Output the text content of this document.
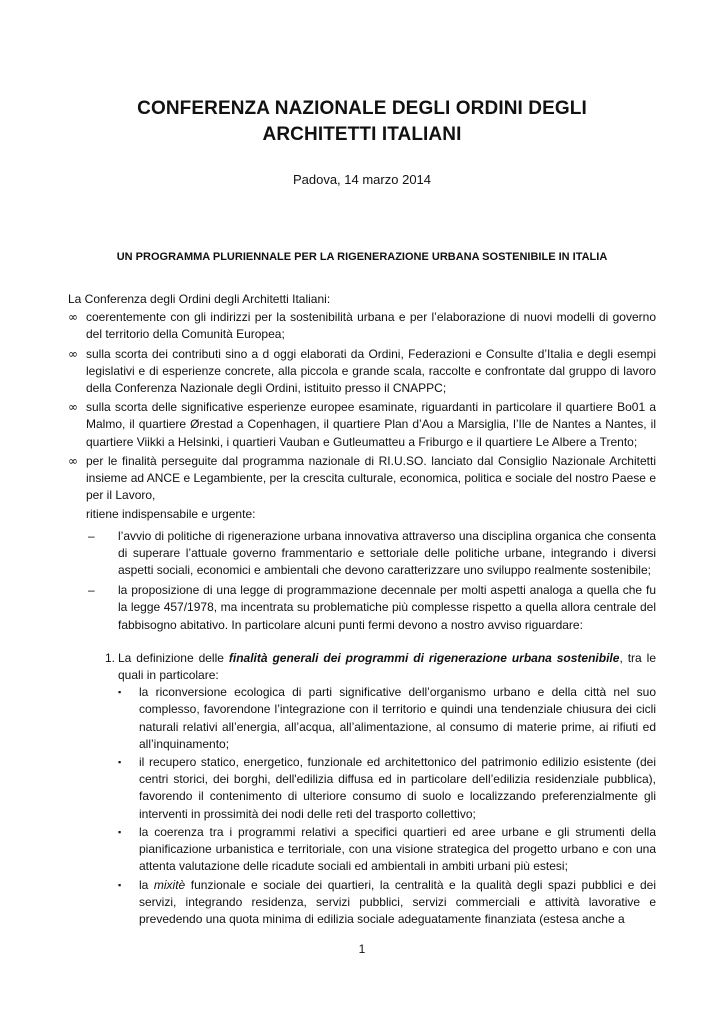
CONFERENZA NAZIONALE DEGLI ORDINI DEGLI ARCHITETTI ITALIANI
Padova, 14 marzo 2014
UN PROGRAMMA PLURIENNALE PER LA RIGENERAZIONE URBANA SOSTENIBILE IN ITALIA
La Conferenza degli Ordini degli Architetti Italiani:
∞ coerentemente con gli indirizzi per la sostenibilità urbana e per l’elaborazione di nuovi modelli di governo del territorio della Comunità Europea;
∞ sulla scorta dei contributi sino a d oggi elaborati da Ordini, Federazioni e Consulte d’Italia e degli esempi legislativi e di esperienze concrete, alla piccola e grande scala, raccolte e confrontate dal gruppo di lavoro della Conferenza Nazionale degli Ordini, istituito presso il CNAPPC;
∞ sulla scorta delle significative esperienze europee esaminate, riguardanti in particolare il quartiere Bo01 a Malmo, il quartiere Ørestad a Copenhagen, il quartiere Plan d’Aou a Marsiglia, l’Ile de Nantes a Nantes, il quartiere Viikki a Helsinki, i quartieri Vauban e Gutleumatteu a Friburgo e il quartiere Le Albere a Trento;
∞ per le finalità perseguite dal programma nazionale di RI.U.SO. lanciato dal Consiglio Nazionale Architetti insieme ad ANCE e Legambiente, per la crescita culturale, economica, politica e sociale del nostro Paese e per il Lavoro,
ritiene indispensabile e urgente:
–	l’avvio di politiche di rigenerazione urbana innovativa attraverso una disciplina organica che consenta di superare l’attuale governo frammentario e settoriale delle politiche urbane, integrando i diversi aspetti sociali, economici e ambientali che devono caratterizzare uno sviluppo realmente sostenibile;
–	la proposizione di una legge di programmazione decennale per molti aspetti analoga a quella che fu la legge 457/1978, ma incentrata su problematiche più complesse rispetto a quella allora centrale del fabbisogno abitativo. In particolare alcuni punti fermi devono a nostro avviso riguardare:
1. La definizione delle finalità generali dei programmi di rigenerazione urbana sostenibile, tra le quali in particolare:
▪	la riconversione ecologica di parti significative dell’organismo urbano e della città nel suo complesso, favorendone l’integrazione con il territorio e quindi una tendenziale chiusura dei cicli naturali relativi all’energia, all’acqua, all’alimentazione, al consumo di materie prime, ai rifiuti ed all’inquinamento;
▪	il recupero statico, energetico, funzionale ed architettonico del patrimonio edilizio esistente (dei centri storici, dei borghi, dell'edilizia diffusa ed in particolare dell’edilizia residenziale pubblica), favorendo il contenimento di ulteriore consumo di suolo e localizzando preferenzialmente gli interventi in prossimità dei nodi delle reti del trasporto collettivo;
▪	la coerenza tra i programmi relativi a specifici quartieri ed aree urbane e gli strumenti della pianificazione urbanistica e territoriale, con una visione strategica del progetto urbano e con una attenta valutazione delle ricadute sociali ed ambientali in ambiti urbani più estesi;
▪	la mixitè funzionale e sociale dei quartieri, la centralità e la qualità degli spazi pubblici e dei servizi, integrando residenza, servizi pubblici, servizi commerciali e attività lavorative e prevedendo una quota minima di edilizia sociale adeguatamente finanziata (estesa anche a
1
